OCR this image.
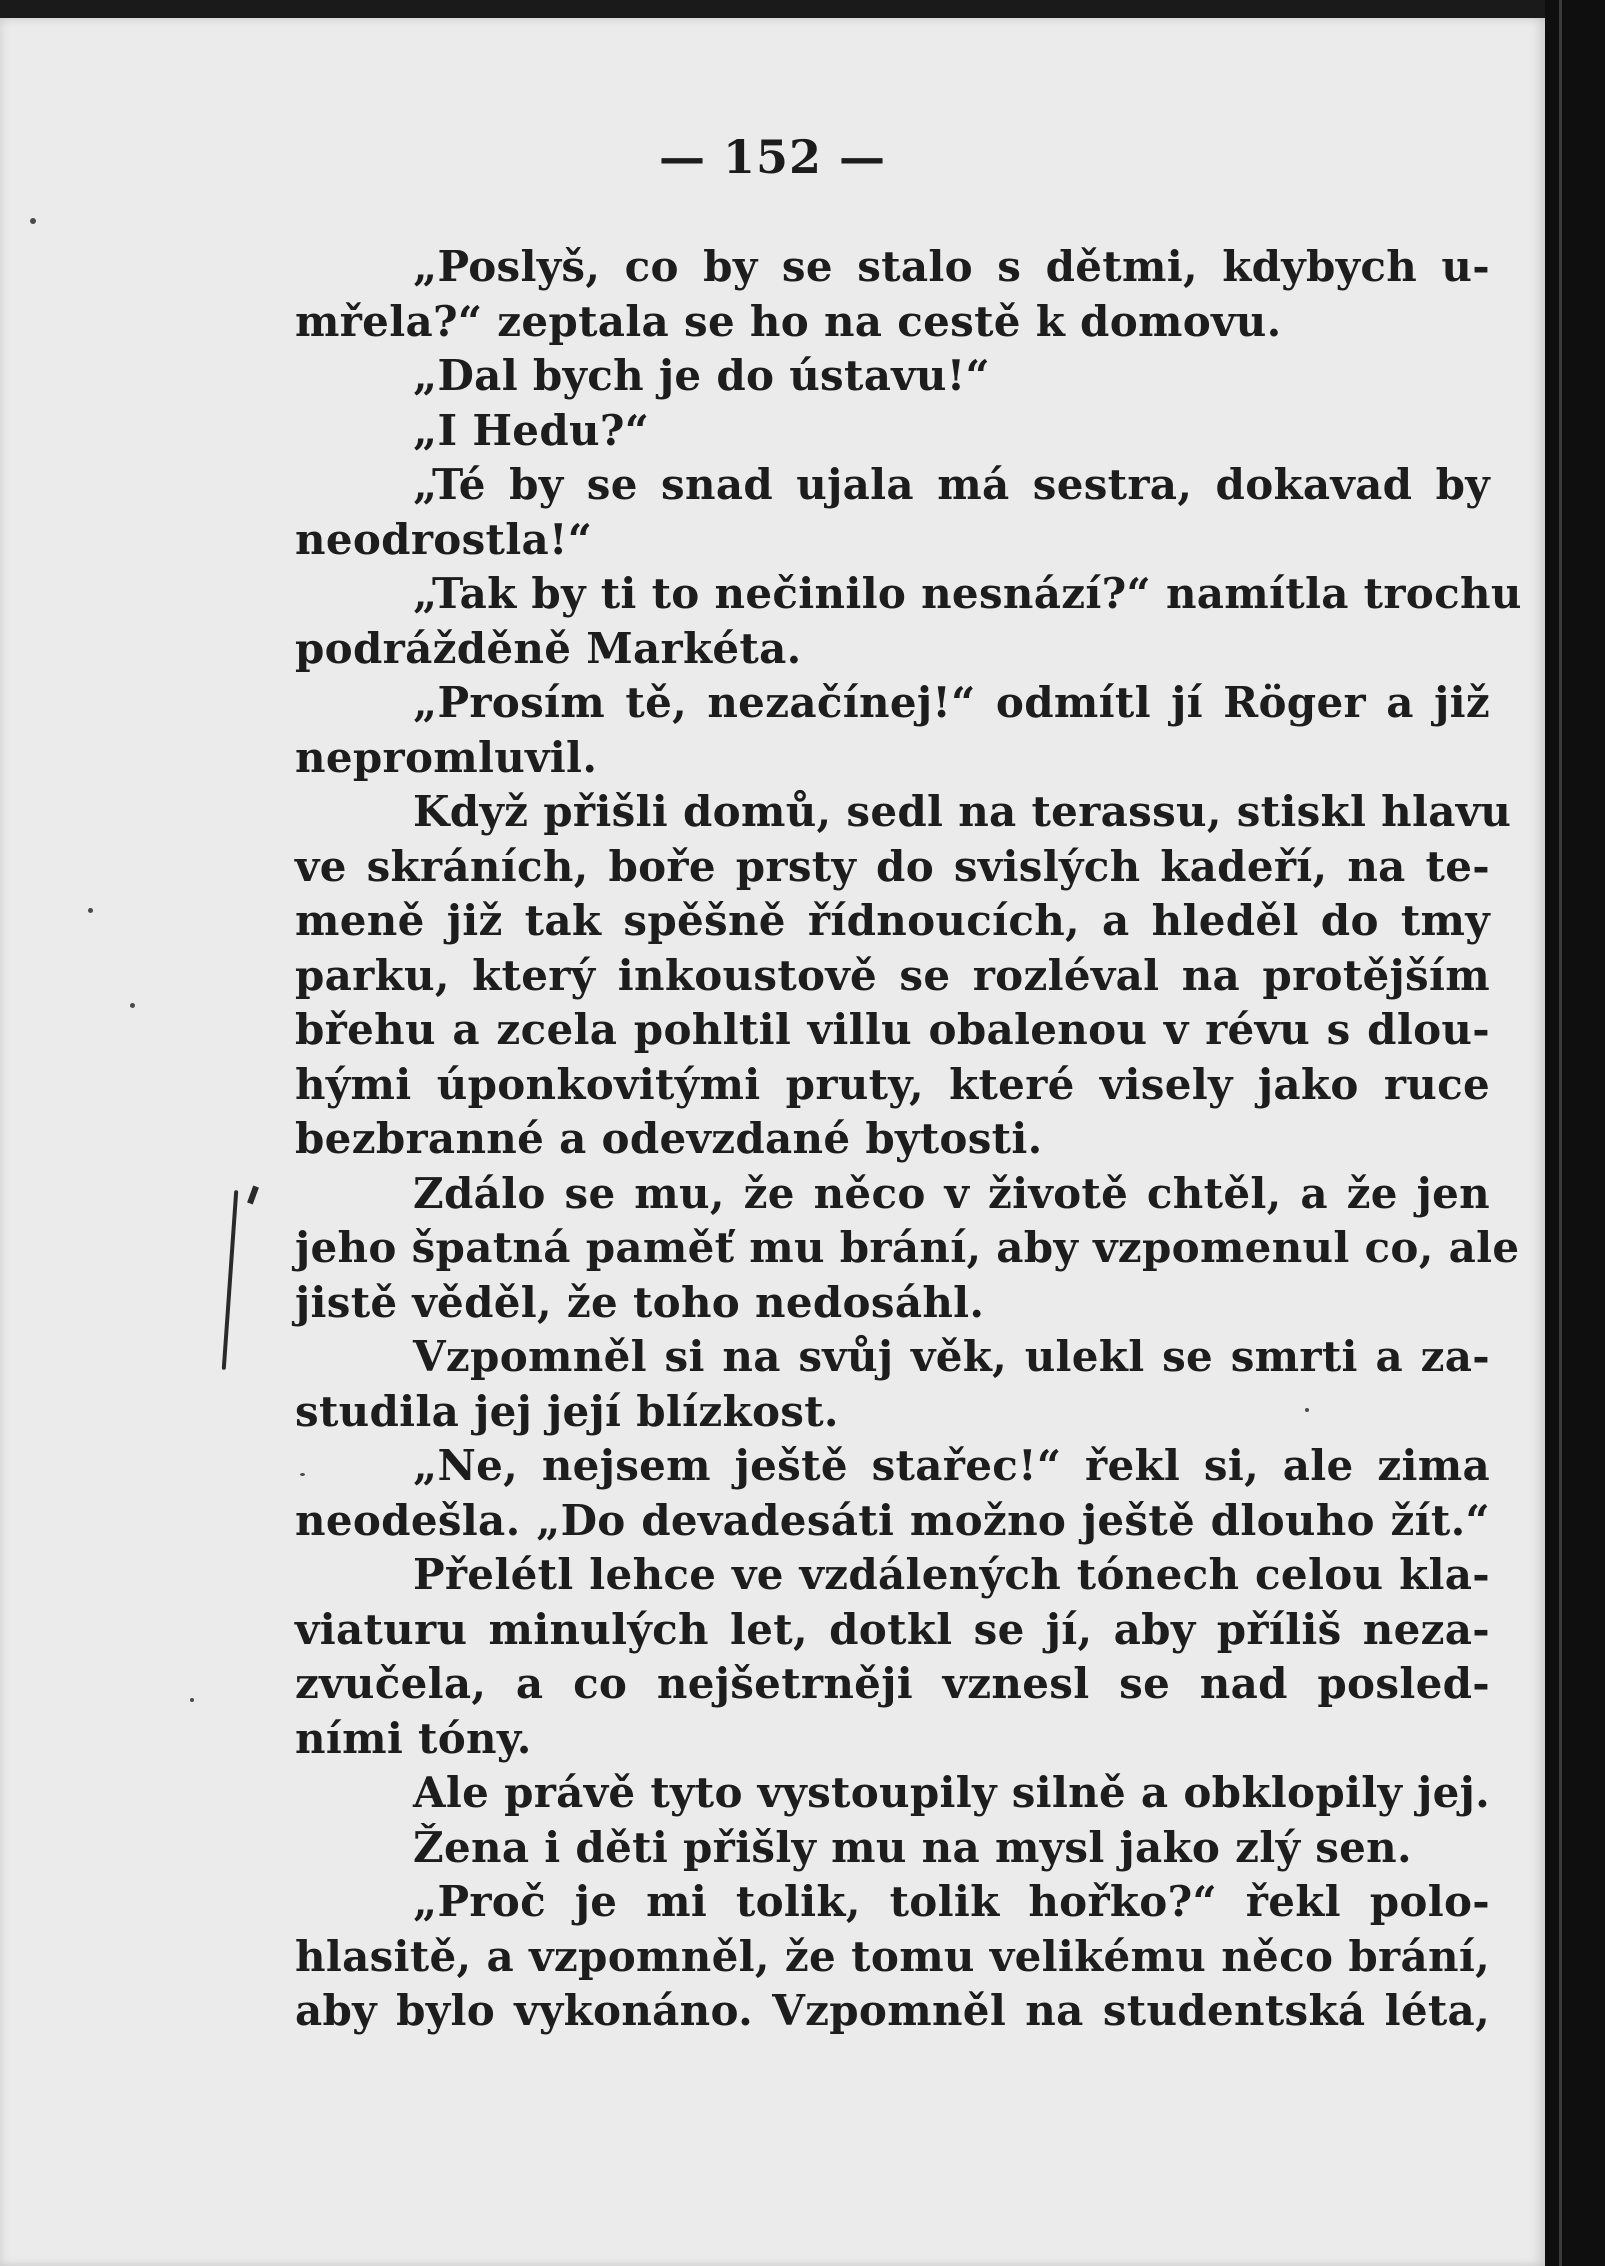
— 152 —
„Poslyš, co by se stalo s dětmi, kdybych u-
mřela?“ zeptala se ho na cestě k domovu.
„Dal bych je do ústavu!“
„I Hedu?“
„Té by se snad ujala má sestra, dokavad by
neodrostla!“
„Tak by ti to nečinilo nesnází?“ namítla trochu
podrážděně Markéta.
„Prosím tě, nezačínej!“ odmítl jí Röger a již
nepromluvil.
Když přišli domů, sedl na terassu, stiskl hlavu
ve skráních, boře prsty do svislých kadeří, na te-
meně již tak spěšně řídnoucích, a hleděl do tmy
parku, který inkoustově se rozléval na protějším
břehu a zcela pohltil villu obalenou v révu s dlou-
hými úponkovitými pruty, které visely jako ruce
bezbranné a odevzdané bytosti.
Zdálo se mu, že něco v životě chtěl, a že jen
jeho špatná paměť mu brání, aby vzpomenul co, ale
jistě věděl, že toho nedosáhl.
Vzpomněl si na svůj věk, ulekl se smrti a za-
studila jej její blízkost.
„Ne, nejsem ještě stařec!“ řekl si, ale zima
neodešla. „Do devadesáti možno ještě dlouho žít.“
Přelétl lehce ve vzdálených tónech celou kla-
viaturu minulých let, dotkl se jí, aby příliš neza-
zvučela, a co nejšetrněji vznesl se nad posled-
ními tóny.
Ale právě tyto vystoupily silně a obklopily jej.
Žena i děti přišly mu na mysl jako zlý sen.
„Proč je mi tolik, tolik hořko?“ řekl polo-
hlasitě, a vzpomněl, že tomu velikému něco brání,
aby bylo vykonáno. Vzpomněl na studentská léta,
